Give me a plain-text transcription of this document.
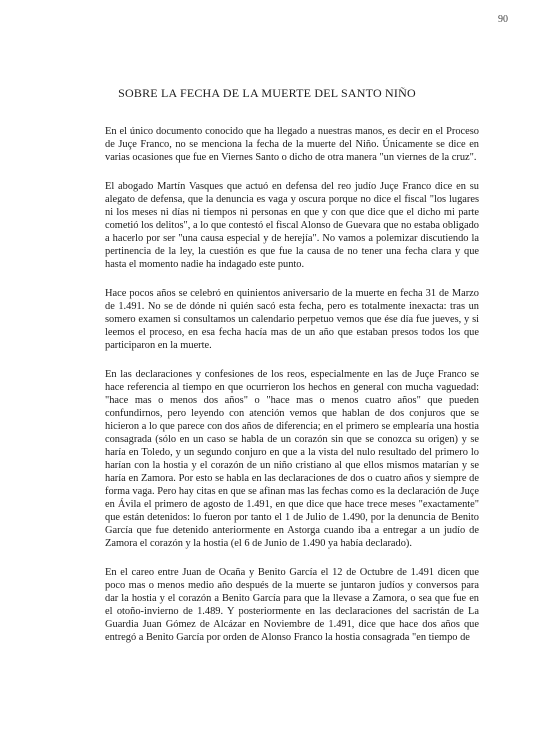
90
SOBRE LA FECHA DE LA MUERTE DEL SANTO NIÑO

En el único documento conocido que ha llegado a nuestras manos, es decir en el Proceso de Juçe Franco, no se menciona la fecha de la muerte del Niño. Únicamente se dice en varias ocasiones que fue en Viernes Santo o dicho de otra manera "un viernes de la cruz".

El abogado Martín Vasques que actuó en defensa del reo judío Juçe Franco dice en su alegato de defensa, que la denuncia es vaga y oscura porque no dice el fiscal "los lugares ni los meses ni días ni tiempos ni personas en que y con que dice que el dicho mi parte cometió los delitos", a lo que contestó el fiscal Alonso de Guevara que no estaba obligado a hacerlo por ser "una causa especial y de herejía". No vamos a polemizar discutiendo la pertinencia de la ley, la cuestión es que fue la causa de no tener una fecha clara y que hasta el momento nadie ha indagado este punto.

Hace pocos años se celebró en quinientos aniversario de la muerte en fecha 31 de Marzo de 1.491. No se de dónde ni quién sacó esta fecha, pero es totalmente inexacta: tras un somero examen si consultamos un calendario perpetuo vemos que ése día fue jueves, y si leemos el proceso, en esa fecha hacía mas de un año que estaban presos todos los que participaron en la muerte.

En las declaraciones y confesiones de los reos, especialmente en las de Juçe Franco se hace referencia al tiempo en que ocurrieron los hechos en general con mucha vaguedad: "hace mas o menos dos años" o "hace mas o menos cuatro años" que pueden confundirnos, pero leyendo con atención vemos que hablan de dos conjuros que se hicieron a lo que parece con dos años de diferencia; en el primero se emplearía una hostia consagrada (sólo en un caso se habla de un corazón sin que se conozca su origen) y se haría en Toledo, y un segundo conjuro en que a la vista del nulo resultado del primero lo harían con la hostia y el corazón de un niño cristiano al que ellos mismos matarían y se haría en Zamora. Por esto se habla en las declaraciones de dos o cuatro años y siempre de forma vaga. Pero hay citas en que se afinan mas las fechas como es la declaración de Juçe en Ávila el primero de agosto de 1.491, en que dice que hace trece meses "exactamente" que están detenidos: lo fueron por tanto el 1 de Julio de 1.490, por la denuncia de Benito García que fue detenido anteriormente en Astorga cuando iba a entregar a un judío de Zamora el corazón y la hostia (el 6 de Junio de 1.490 ya había declarado).

En el careo entre Juan de Ocaña y Benito García el 12 de Octubre de 1.491 dicen que poco mas o menos medio año después de la muerte se juntaron judíos y conversos para dar la hostia y el corazón a Benito García para que la llevase a Zamora, o sea que fue en el otoño-invierno de 1.489. Y posteriormente en las declaraciones del sacristán de La Guardia Juan Gómez de Alcázar en Noviembre de 1.491, dice que hace dos años que entregó a Benito García por orden de Alonso Franco la hostia consagrada "en tiempo de
